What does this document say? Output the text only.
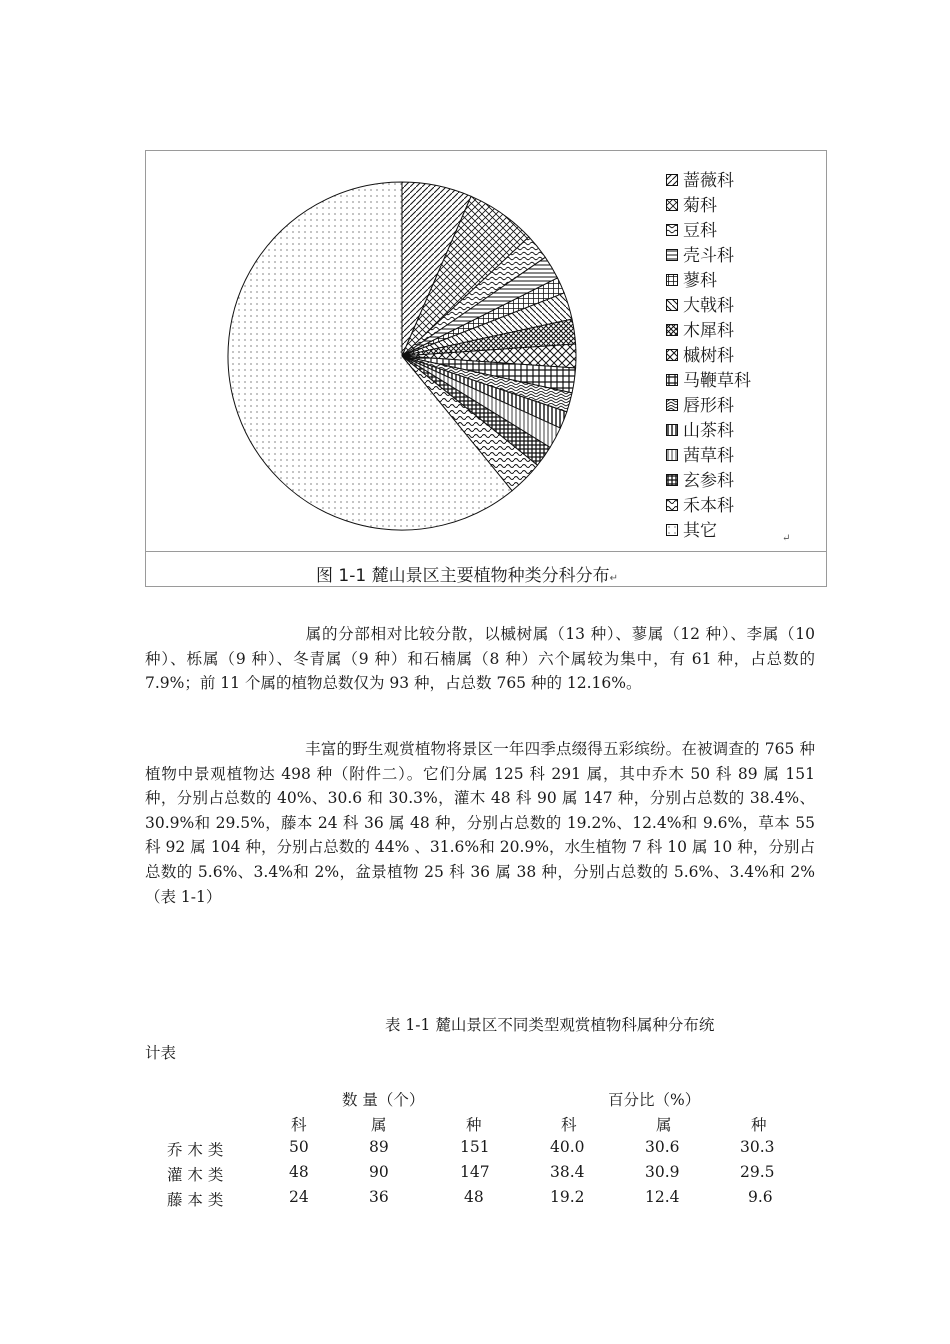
蔷薇科
菊科
豆科
壳斗科
蓼科
大戟科
木犀科
槭树科
马鞭草科
唇形科
山茶科
茜草科
玄参科
禾本科
其它	↵
图 1-1 麓山景区主要植物种类分科分布↵

属的分部相对比较分散，以槭树属（13 种）、蓼属（12 种）、李属（10 种）、栎属（9 种）、冬青属（9 种）和石楠属（8 种）六个属较为集中，有 61 种，占总数的 7.9%；前 11 个属的植物总数仅为 93 种，占总数 765 种的 12.16%。

丰富的野生观赏植物将景区一年四季点缀得五彩缤纷。在被调查的 765 种植物中景观植物达 498 种（附件二）。它们分属 125 科 291 属，其中乔木 50 科 89 属 151 种，分别占总数的 40%、30.6 和 30.3%，灌木 48 科 90 属 147 种，分别占总数的 38.4%、30.9%和 29.5%，藤本 24 科 36 属 48 种，分别占总数的 19.2%、12.4%和 9.6%，草本 55 科 92 属 104 种，分别占总数的 44% 、31.6%和 20.9%，水生植物 7 科 10 属 10 种，分别占总数的 5.6%、3.4%和 2%，盆景植物 25 科 36 属 38 种，分别占总数的 5.6%、3.4%和 2%（表 1-1）

表 1-1 麓山景区不同类型观赏植物科属种分布统
计表
数 量（个）	百分比（%）
科	属	种	科	属	种
乔 木 类	50	89	151	40.0	30.6	30.3
灌 木 类	48	90	147	38.4	30.9	29.5
藤 本 类	24	36	48	19.2	12.4	9.6
